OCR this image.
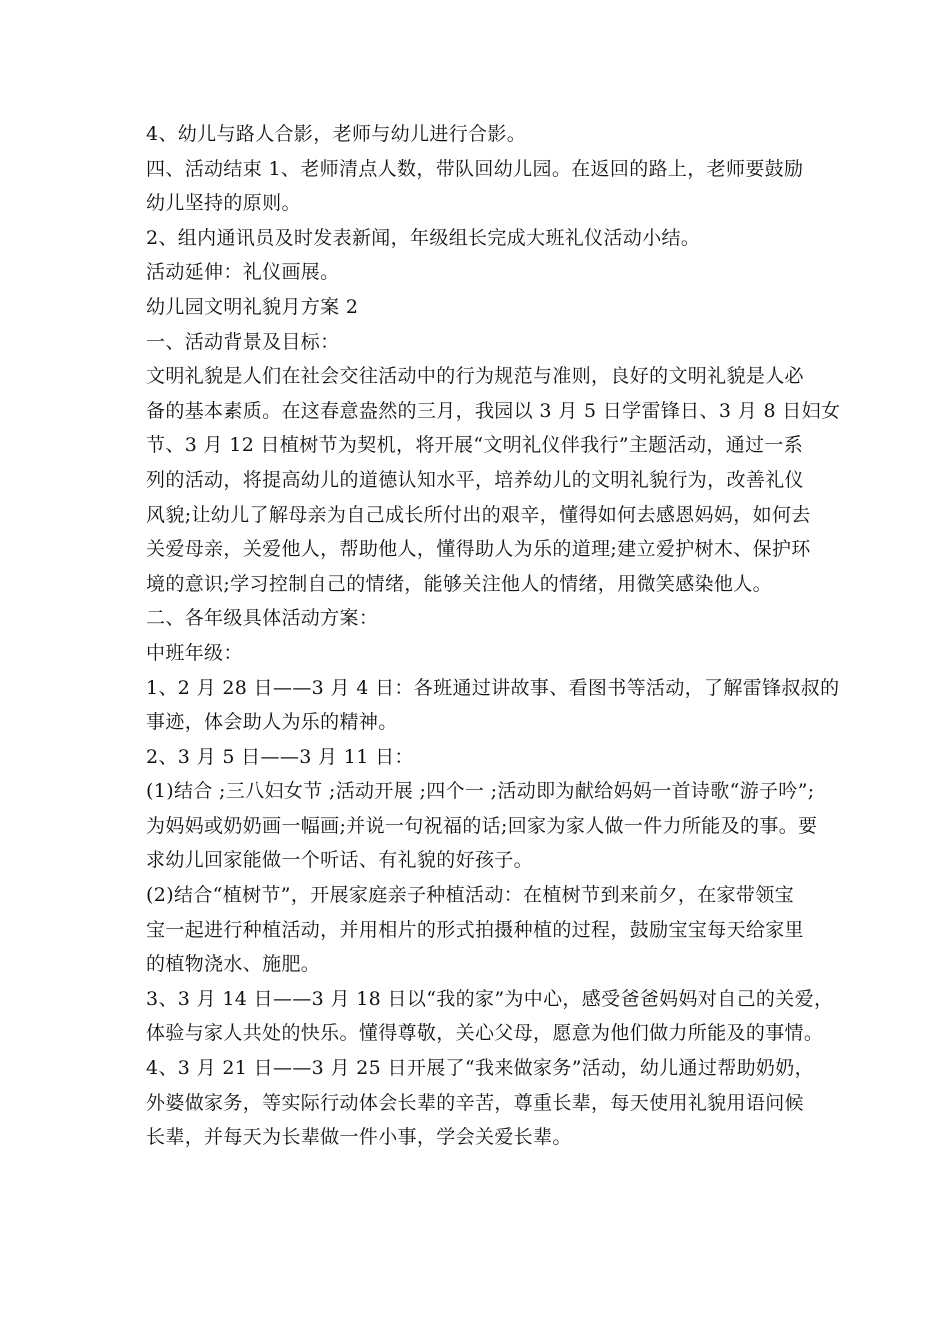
4、幼儿与路人合影，老师与幼儿进行合影。
四、活动结束 1、老师清点人数，带队回幼儿园。在返回的路上，老师要鼓励
幼儿坚持的原则。
2、组内通讯员及时发表新闻，年级组长完成大班礼仪活动小结。
活动延伸：礼仪画展。
幼儿园文明礼貌月方案 2
一、活动背景及目标：
文明礼貌是人们在社会交往活动中的行为规范与准则，良好的文明礼貌是人必
备的基本素质。在这春意盎然的三月，我园以 3 月 5 日学雷锋日、3 月 8 日妇女
节、3 月 12 日植树节为契机，将开展“文明礼仪伴我行”主题活动，通过一系
列的活动，将提高幼儿的道德认知水平，培养幼儿的文明礼貌行为，改善礼仪
风貌;让幼儿了解母亲为自己成长所付出的艰辛，懂得如何去感恩妈妈，如何去
关爱母亲，关爱他人，帮助他人，懂得助人为乐的道理;建立爱护树木、保护环
境的意识;学习控制自己的情绪，能够关注他人的情绪，用微笑感染他人。
二、各年级具体活动方案：
中班年级：
1、2 月 28 日——3 月 4 日：各班通过讲故事、看图书等活动，了解雷锋叔叔的
事迹，体会助人为乐的精神。
2、3 月 5 日——3 月 11 日：
(1)结合 ;三八妇女节 ;活动开展 ;四个一 ;活动即为献给妈妈一首诗歌“游子吟”;
为妈妈或奶奶画一幅画;并说一句祝福的话;回家为家人做一件力所能及的事。要
求幼儿回家能做一个听话、有礼貌的好孩子。
(2)结合“植树节”，开展家庭亲子种植活动：在植树节到来前夕，在家带领宝
宝一起进行种植活动，并用相片的形式拍摄种植的过程，鼓励宝宝每天给家里
的植物浇水、施肥。
3、3 月 14 日——3 月 18 日以“我的家”为中心，感受爸爸妈妈对自己的关爱，
体验与家人共处的快乐。懂得尊敬，关心父母，愿意为他们做力所能及的事情。
4、3 月 21 日——3 月 25 日开展了“我来做家务”活动，幼儿通过帮助奶奶，
外婆做家务，等实际行动体会长辈的辛苦，尊重长辈，每天使用礼貌用语问候
长辈，并每天为长辈做一件小事，学会关爱长辈。
